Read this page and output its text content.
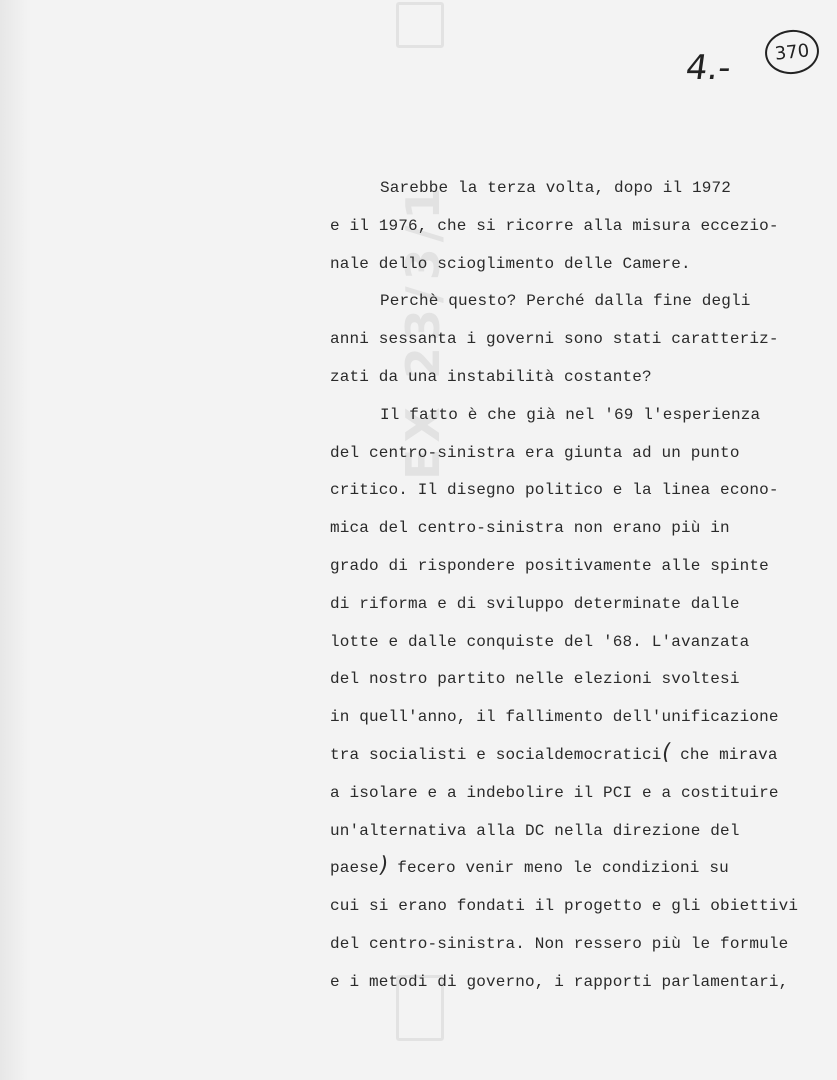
EX 23/3/1
4.- 370
Sarebbe la terza volta, dopo il 1972
e il 1976, che si ricorre alla misura eccezio-
nale dello scioglimento delle Camere.
Perchè questo? Perché dalla fine degli
anni sessanta i governi sono stati caratteriz-
zati da una instabilità costante?
Il fatto è che già nel '69 l'esperienza
del centro-sinistra era giunta ad un punto
critico. Il disegno politico e la linea econo-
mica del centro-sinistra non erano più in
grado di rispondere positivamente alle spinte
di riforma e di sviluppo determinate dalle
lotte e dalle conquiste del '68. L'avanzata
del nostro partito nelle elezioni svoltesi
in quell'anno, il fallimento dell'unificazione
tra socialisti e socialdemocratici( che mirava
a isolare e a indebolire il PCI e a costituire
un'alternativa alla DC nella direzione del
paese) fecero venir meno le condizioni su
cui si erano fondati il progetto e gli obiettivi
del centro-sinistra. Non ressero più le formule
e i metodi di governo, i rapporti parlamentari,
